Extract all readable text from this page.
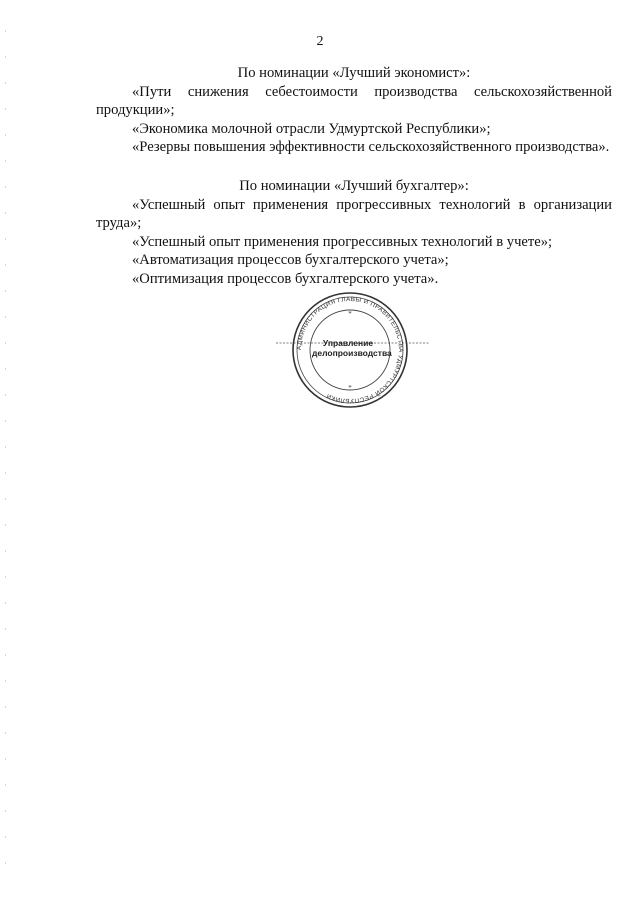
2

По номинации «Лучший экономист»:

«Пути снижения себестоимости производства сельскохозяйственной продукции»;

«Экономика молочной отрасли Удмуртской Республики»;

«Резервы повышения эффективности сельскохозяйственного производства».

По номинации «Лучший бухгалтер»:

«Успешный опыт применения прогрессивных технологий в организации труда»;

«Успешный опыт применения прогрессивных технологий в учете»;

«Автоматизация процессов бухгалтерского учета»;

«Оптимизация процессов бухгалтерского учета».

АДМИНИСТРАЦИЯ ГЛАВЫ И ПРАВИТЕЛЬСТВА УДМУРТСКОЙ РЕСПУБЛИКИ
*
*
Управление
делопроизводства
